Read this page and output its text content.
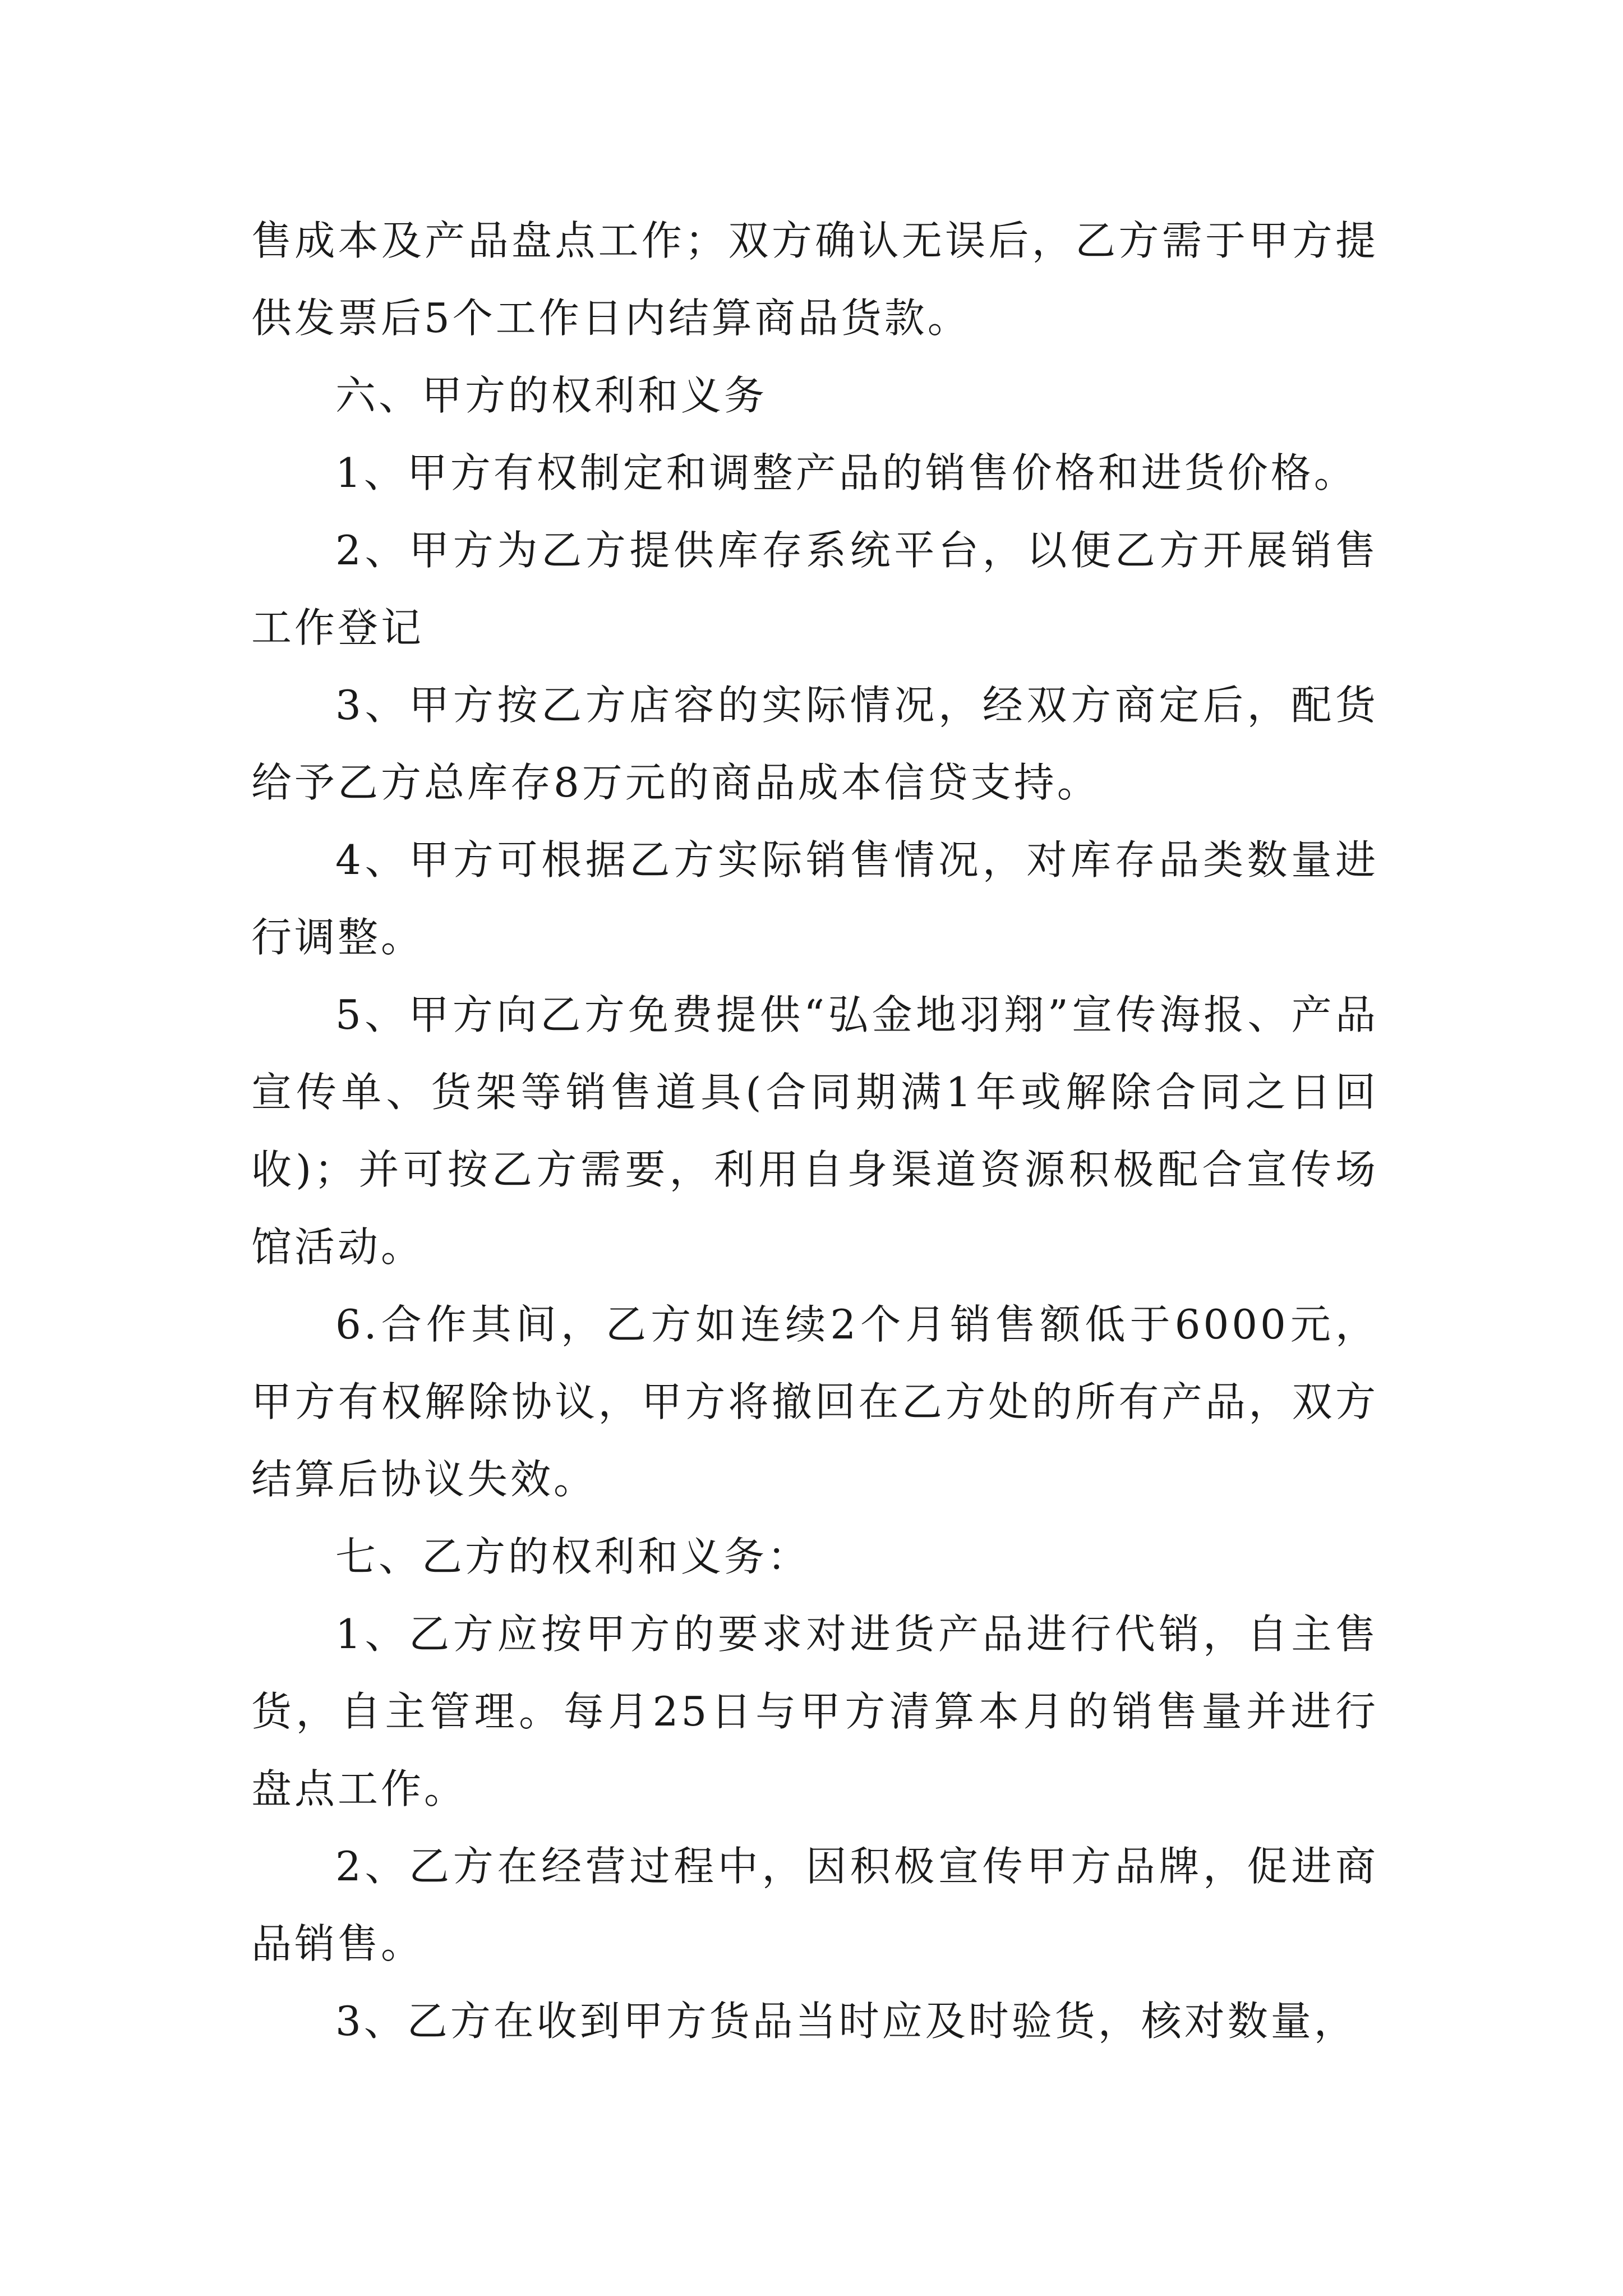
售成本及产品盘点工作；双方确认无误后，乙方需于甲方提供发票后5个工作日内结算商品货款。

六、甲方的权利和义务

1、甲方有权制定和调整产品的销售价格和进货价格。

2、甲方为乙方提供库存系统平台，以便乙方开展销售工作登记

3、甲方按乙方店容的实际情况，经双方商定后，配货给予乙方总库存8万元的商品成本信贷支持。

4、甲方可根据乙方实际销售情况，对库存品类数量进行调整。

5、甲方向乙方免费提供“弘金地羽翔”宣传海报、产品宣传单、货架等销售道具(合同期满1年或解除合同之日回收)；并可按乙方需要，利用自身渠道资源积极配合宣传场馆活动。

6.合作其间，乙方如连续2个月销售额低于6000元，甲方有权解除协议，甲方将撤回在乙方处的所有产品，双方结算后协议失效。

七、乙方的权利和义务：

1、乙方应按甲方的要求对进货产品进行代销，自主售货，自主管理。每月25日与甲方清算本月的销售量并进行盘点工作。

2、乙方在经营过程中，因积极宣传甲方品牌，促进商品销售。

3、乙方在收到甲方货品当时应及时验货，核对数量，
